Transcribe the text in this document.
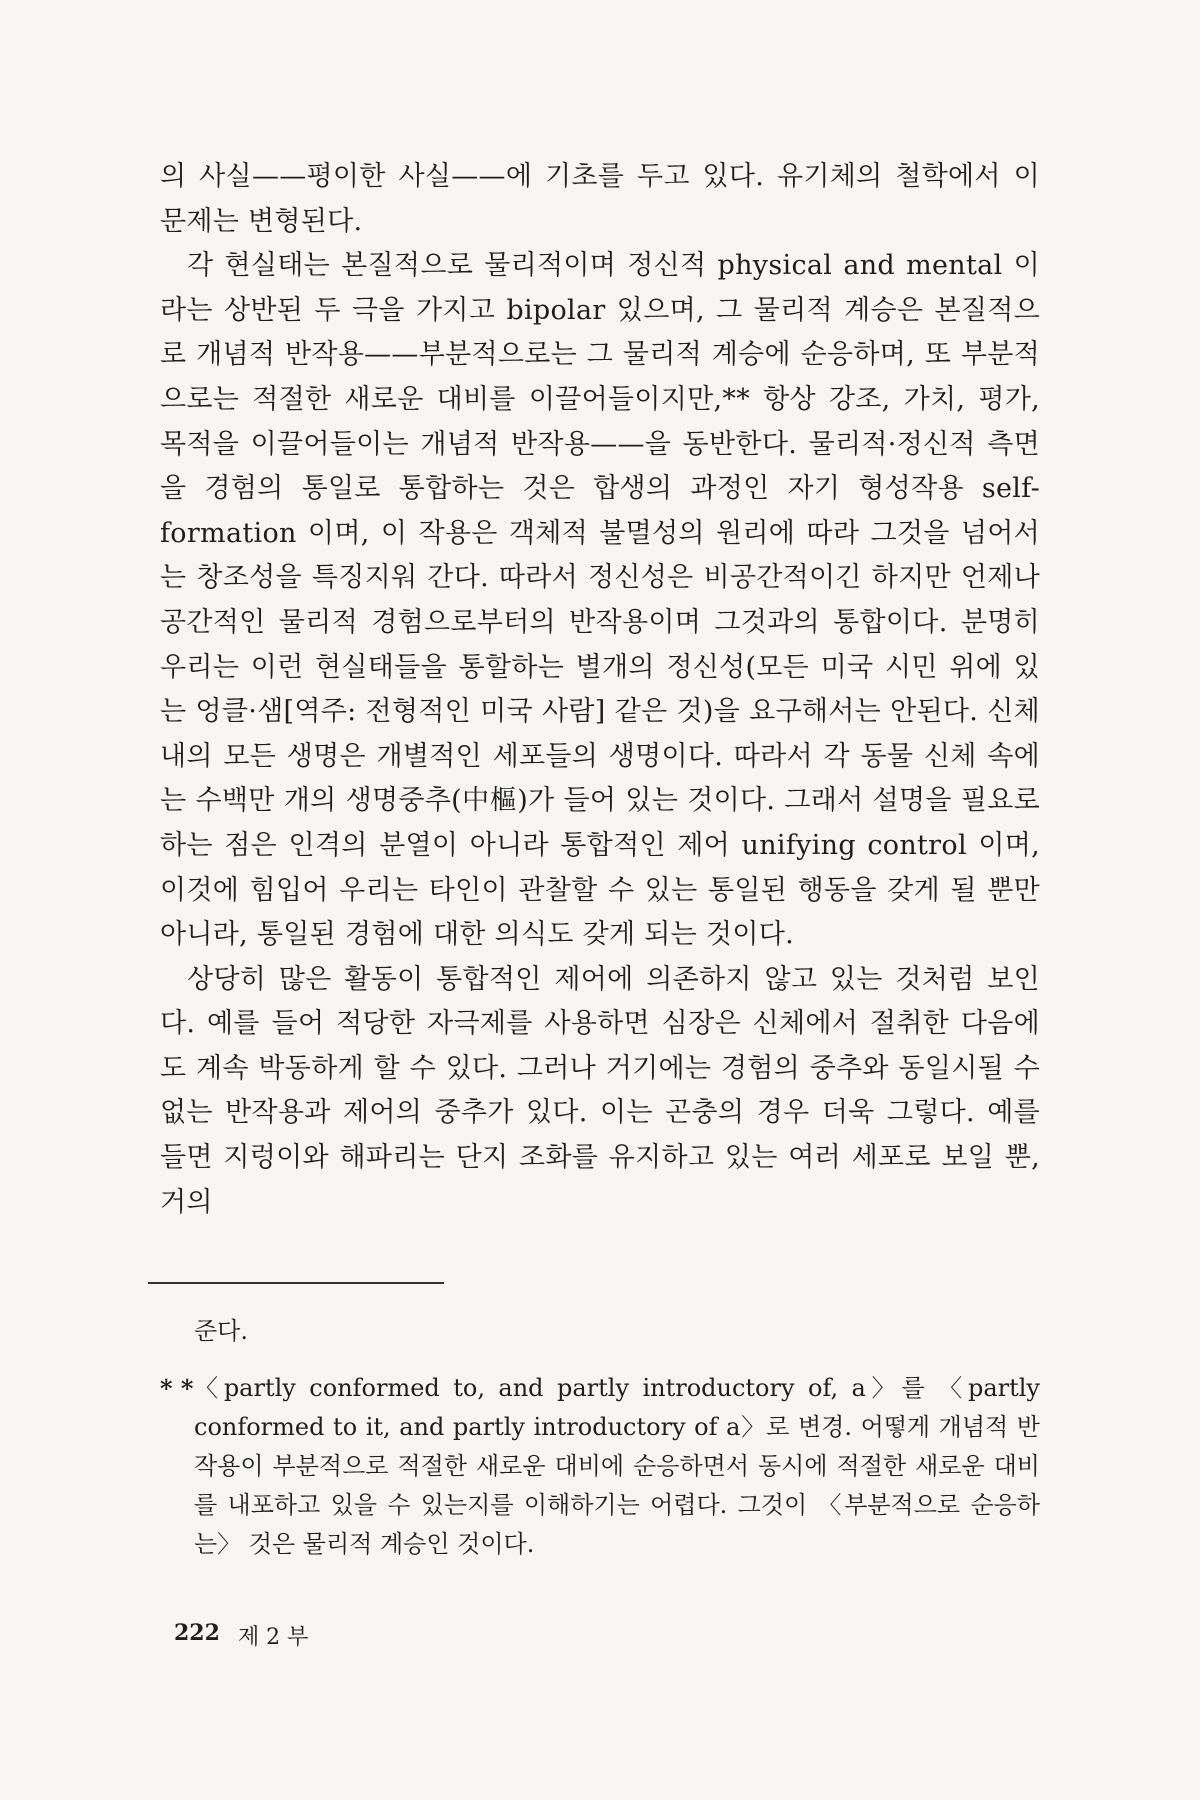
의 사실——평이한 사실——에 기초를 두고 있다. 유기체의 철학에서 이 문제는 변형된다.

각 현실태는 본질적으로 물리적이며 정신적 physical and mental 이라는 상반된 두 극을 가지고 bipolar 있으며, 그 물리적 계승은 본질적으로 개념적 반작용——부분적으로는 그 물리적 계승에 순응하며, 또 부분적으로는 적절한 새로운 대비를 이끌어들이지만,** 항상 강조, 가치, 평가, 목적을 이끌어들이는 개념적 반작용——을 동반한다. 물리적·정신적 측면을 경험의 통일로 통합하는 것은 합생의 과정인 자기 형성작용 self-formation 이며, 이 작용은 객체적 불멸성의 원리에 따라 그것을 넘어서는 창조성을 특징지워 간다. 따라서 정신성은 비공간적이긴 하지만 언제나 공간적인 물리적 경험으로부터의 반작용이며 그것과의 통합이다. 분명히 우리는 이런 현실태들을 통할하는 별개의 정신성(모든 미국 시민 위에 있는 엉클·샘[역주: 전형적인 미국 사람] 같은 것)을 요구해서는 안된다. 신체 내의 모든 생명은 개별적인 세포들의 생명이다. 따라서 각 동물 신체 속에는 수백만 개의 생명중추(中樞)가 들어 있는 것이다. 그래서 설명을 필요로 하는 점은 인격의 분열이 아니라 통합적인 제어 unifying control 이며, 이것에 힘입어 우리는 타인이 관찰할 수 있는 통일된 행동을 갖게 될 뿐만 아니라, 통일된 경험에 대한 의식도 갖게 되는 것이다.

상당히 많은 활동이 통합적인 제어에 의존하지 않고 있는 것처럼 보인다. 예를 들어 적당한 자극제를 사용하면 심장은 신체에서 절취한 다음에도 계속 박동하게 할 수 있다. 그러나 거기에는 경험의 중추와 동일시될 수 없는 반작용과 제어의 중추가 있다. 이는 곤충의 경우 더욱 그렇다. 예를 들면 지렁이와 해파리는 단지 조화를 유지하고 있는 여러 세포로 보일 뿐, 거의

준다.

* * 〈partly conformed to, and partly introductory of, a〉를 〈partly conformed to it, and partly introductory of a〉로 변경. 어떻게 개념적 반작용이 부분적으로 적절한 새로운 대비에 순응하면서 동시에 적절한 새로운 대비를 내포하고 있을 수 있는지를 이해하기는 어렵다. 그것이 〈부분적으로 순응하는〉 것은 물리적 계승인 것이다.
222 제 2 부
